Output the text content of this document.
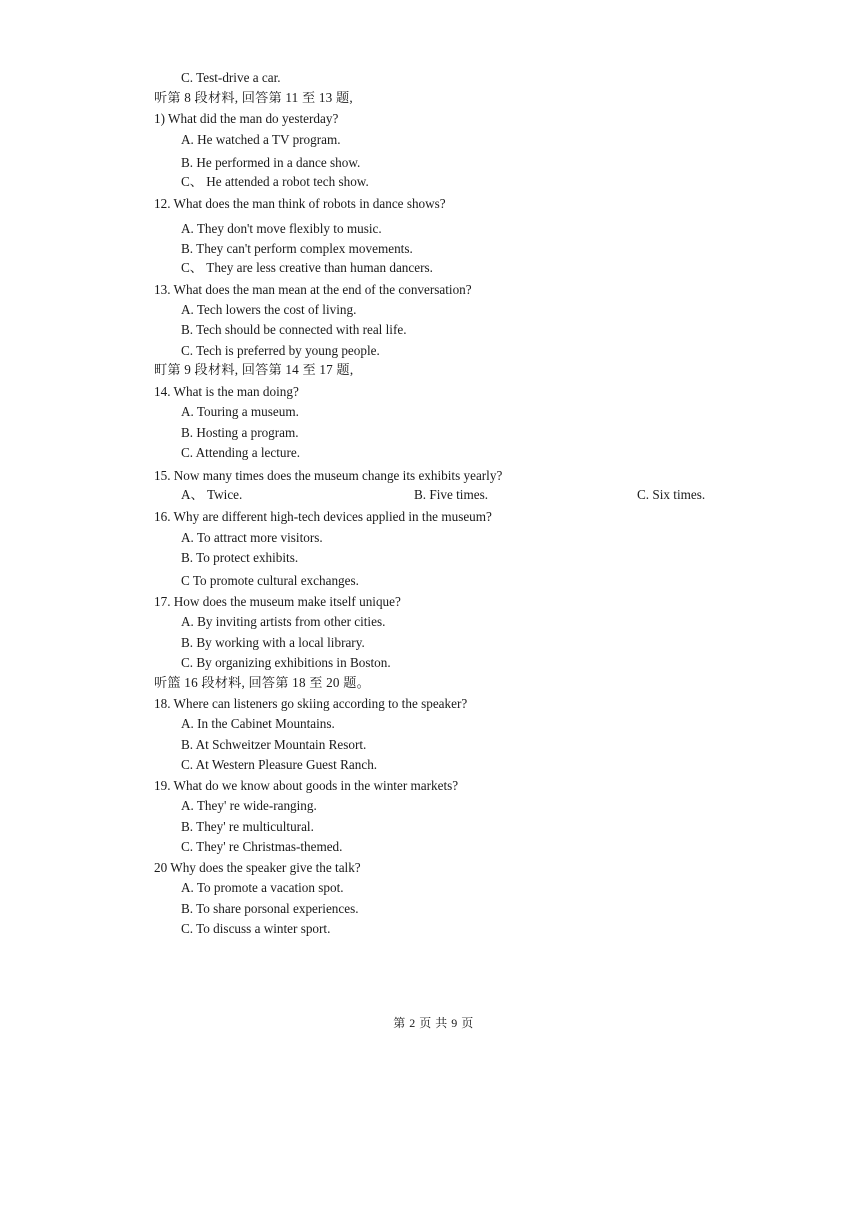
C. Test-drive a car.
听第 8 段材料, 回答第 11 至 13 题,
1) What did the man do yesterday?
A. He watched a TV program.
B. He performed in a dance show.
C、 He attended a robot tech show.
12. What does the man think of robots in dance shows?
A. They don't move flexibly to music.
B. They can't perform complex movements.
C、 They are less creative than human dancers.
13. What does the man mean at the end of the conversation?
A. Tech lowers the cost of living.
B. Tech should be connected with real life.
C. Tech is preferred by young people.
町第 9 段材料, 回答第 14 至 17 题,
14. What is the man doing?
A. Touring a museum.
B. Hosting a program.
C. Attending a lecture.
15. Now many times does the museum change its exhibits yearly?
A、 Twice.	B. Five times.	C. Six times.
16. Why are different high-tech devices applied in the museum?
A. To attract more visitors.
B. To protect exhibits.
C To promote cultural exchanges.
17. How does the museum make itself unique?
A. By inviting artists from other cities.
B. By working with a local library.
C. By organizing exhibitions in Boston.
听篮 16 段材料, 回答第 18 至 20 题。
18. Where can listeners go skiing according to the speaker?
A. In the Cabinet Mountains.
B. At Schweitzer Mountain Resort.
C. At Western Pleasure Guest Ranch.
19. What do we know about goods in the winter markets?
A. They' re wide-ranging.
B. They' re multicultural.
C. They' re Christmas-themed.
20 Why does the speaker give the talk?
A. To promote a vacation spot.
B. To share porsonal experiences.
C. To discuss a winter sport.
第 2 页 共 9 页
